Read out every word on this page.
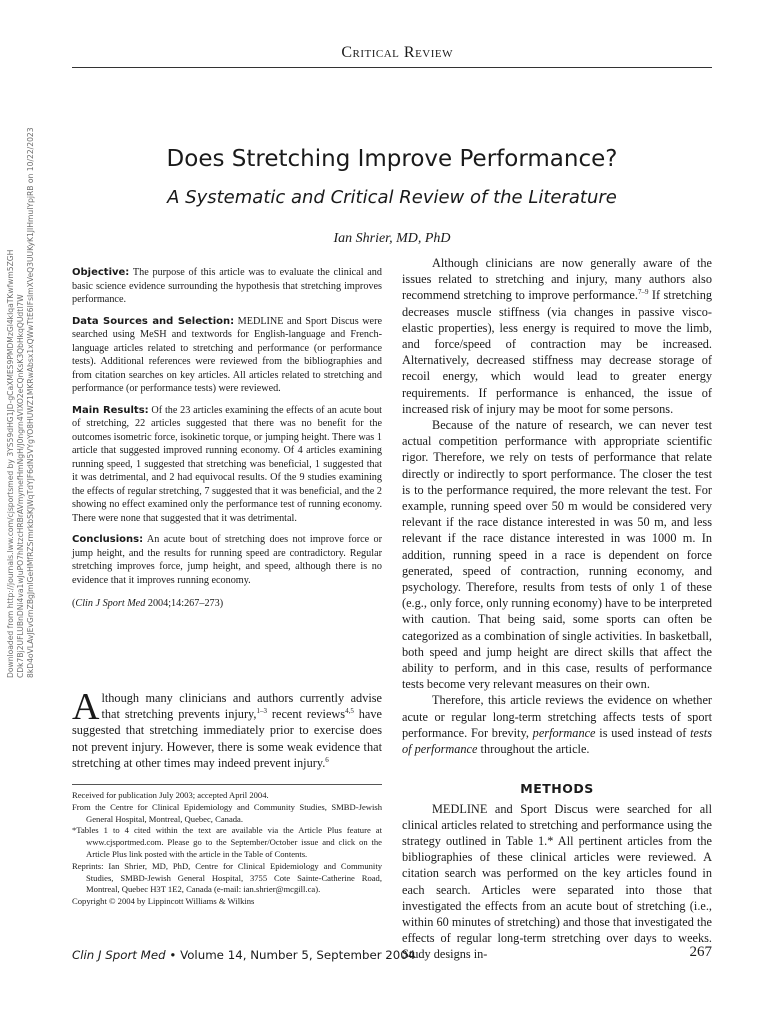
Critical Review
Downloaded from http://journals.lww.com/cjsportsmed by 3YS59dHG1JD-gCaXMES9PMDMzGl4kIqaTKwfwm5ZGH CDk7Bj2UFLUBnDNi4va1wJuPO7hNtzcHRBrAVmymefHmNgH/J0ngrn4VIXO2eCQnKsK3QbHkqQUdtl7W 8kD4oVLAvJEvGrnZBgJmlGeHMfRZSrmrkbSKJWqTdYJF6dN5VYgYO8HUWZ1MKRwAbsx1xQWwTtE6lFsImXVeQ3UUKyK1JIHmuIYpjRB on 10/22/2023	Does Stretching Improve Performance?
A Systematic and Critical Review of the Literature
Ian Shrier, MD, PhD

Objective: The purpose of this article was to evaluate the clinical and basic science evidence surrounding the hypothesis that stretching improves performance.

Data Sources and Selection: MEDLINE and Sport Discus were searched using MeSH and textwords for English-language and French-language articles related to stretching and performance (or performance tests). Additional references were reviewed from the bibliographies and from citation searches on key articles. All articles related to stretching and performance (or performance tests) were reviewed.

Main Results: Of the 23 articles examining the effects of an acute bout of stretching, 22 articles suggested that there was no benefit for the outcomes isometric force, isokinetic torque, or jumping height. There was 1 article that suggested improved running economy. Of 4 articles examining running speed, 1 suggested that stretching was beneficial, 1 suggested that it was detrimental, and 2 had equivocal results. Of the 9 studies examining the effects of regular stretching, 7 suggested that it was beneficial, and the 2 showing no effect examined only the performance test of running economy. There were none that suggested that it was detrimental.

Conclusions: An acute bout of stretching does not improve force or jump height, and the results for running speed are contradictory. Regular stretching improves force, jump height, and speed, although there is no evidence that it improves running economy.

(Clin J Sport Med 2004;14:267–273)

Although many clinicians and authors currently advise that stretching prevents injury,$^{1-3}$ recent reviews$^{4,5}$ have suggested that stretching immediately prior to exercise does not prevent injury. However, there is some weak evidence that stretching at other times may indeed prevent injury.$^6$

Received for publication July 2003; accepted April 2004.

From the Centre for Clinical Epidemiology and Community Studies, SMBD-Jewish General Hospital, Montreal, Quebec, Canada.

*Tables 1 to 4 cited within the text are available via the Article Plus feature at www.cjsportmed.com. Please go to the September/October issue and click on the Article Plus link posted with the article in the Table of Contents.

Reprints: Ian Shrier, MD, PhD, Centre for Clinical Epidemiology and Community Studies, SMBD-Jewish General Hospital, 3755 Cote Sainte-Catherine Road, Montreal, Quebec H3T 1E2, Canada (e-mail: ian.shrier@mcgill.ca).

Copyright © 2004 by Lippincott Williams & Wilkins

Although clinicians are now generally aware of the issues related to stretching and injury, many authors also recommend stretching to improve performance.$^{7-9}$ If stretching decreases muscle stiffness (via changes in passive visco-elastic properties), less energy is required to move the limb, and force/speed of contraction may be increased. Alternatively, decreased stiffness may decrease storage of recoil energy, which would lead to greater energy requirements. If performance is enhanced, the issue of increased risk of injury may be moot for some persons.

Because of the nature of research, we can never test actual competition performance with appropriate scientific rigor. Therefore, we rely on tests of performance that relate directly or indirectly to sport performance. The closer the test is to the performance required, the more relevant the test. For example, running speed over 50 m would be considered very relevant if the race distance interested in was 50 m, and less relevant if the race distance interested in was 1000 m. In addition, running speed in a race is dependent on force generated, speed of contraction, running economy, and psychology. Therefore, results from tests of only 1 of these (e.g., only force, only running economy) have to be interpreted with caution. That being said, some sports can often be categorized as a combination of single activities. In basketball, both speed and jump height are direct skills that affect the ability to perform, and in this case, results of performance tests become very relevant measures on their own.

Therefore, this article reviews the evidence on whether acute or regular long-term stretching affects tests of sport performance. For brevity, performance is used instead of tests of performance throughout the article.

METHODS

MEDLINE and Sport Discus were searched for all clinical articles related to stretching and performance using the strategy outlined in Table 1.* All pertinent articles from the bibliographies of these clinical articles were reviewed. A citation search was performed on the key articles found in each search. Articles were separated into those that investigated the effects from an acute bout of stretching (i.e., within 60 minutes of stretching) and those that investigated the effects of regular long-term stretching over days to weeks. Study designs in-

Clin J Sport Med • Volume 14, Number 5, September 2004	267
